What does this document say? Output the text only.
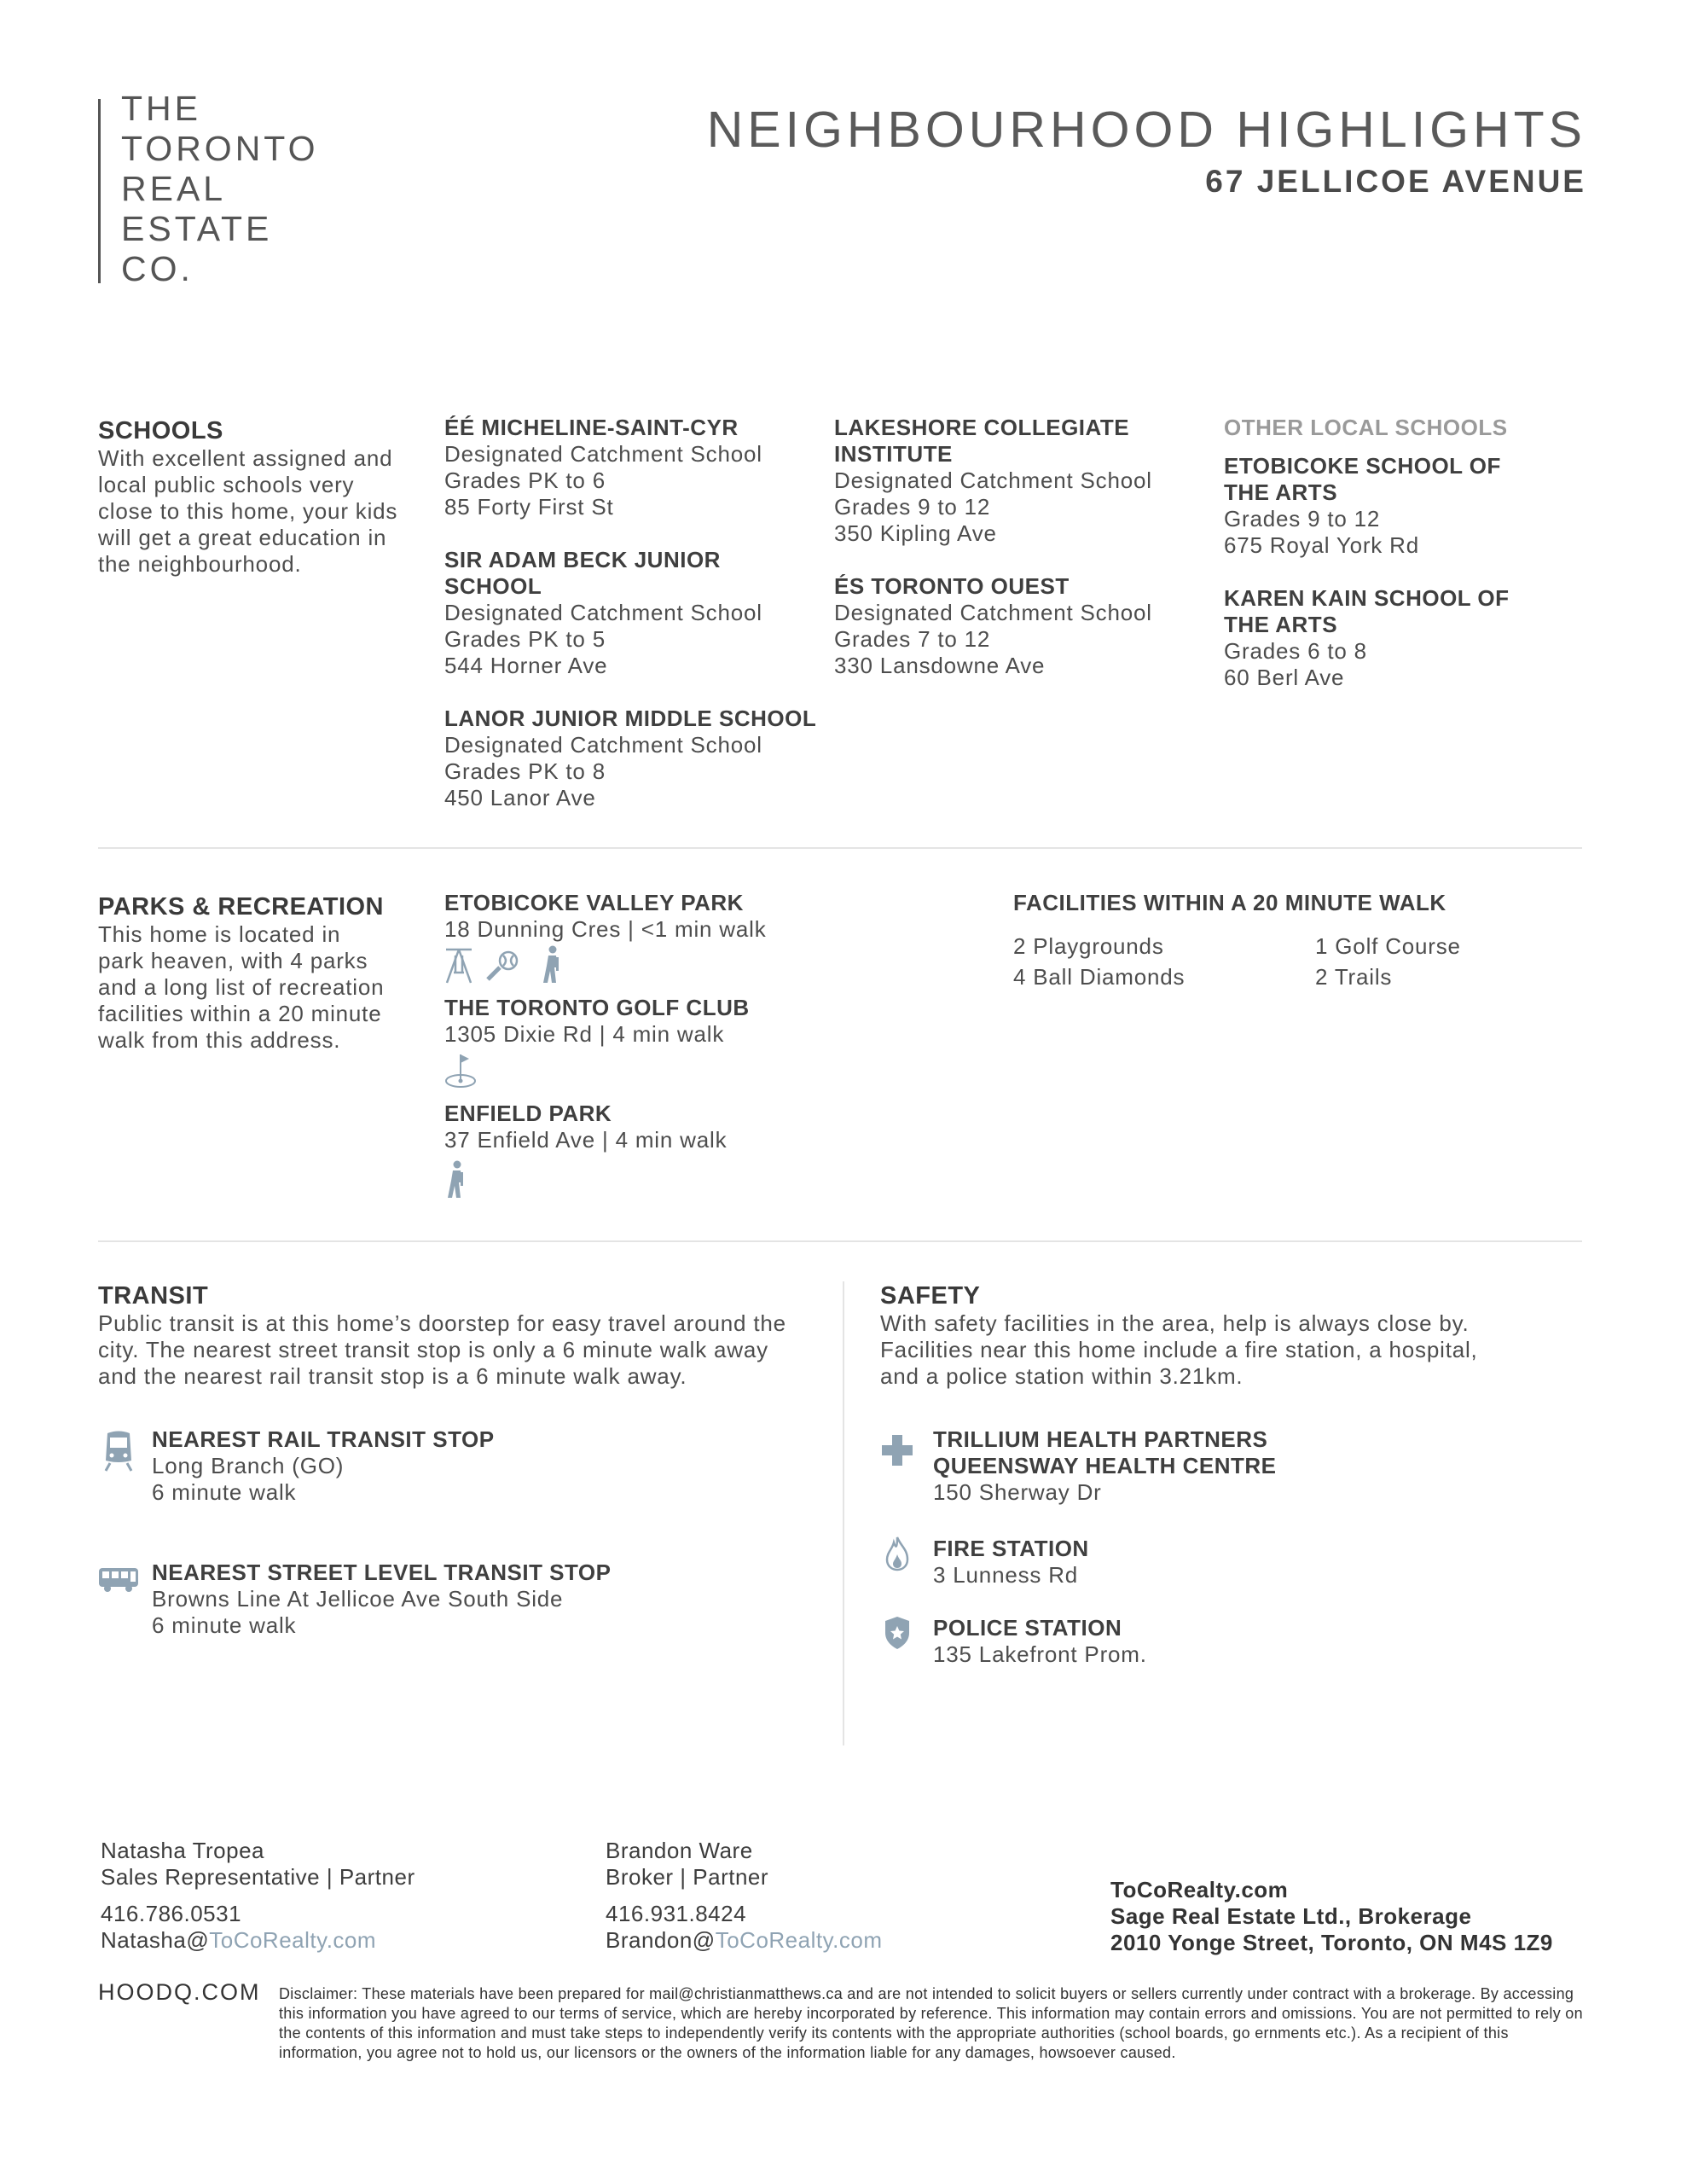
THE
TORONTO
REAL
ESTATE
CO.
NEIGHBOURHOOD HIGHLIGHTS
67 JELLICOE AVENUE
SCHOOLS
With excellent assigned and
local public schools very
close to this home, your kids
will get a great education in
the neighbourhood.
ÉÉ MICHELINE-SAINT-CYR
Designated Catchment School
Grades PK to 6
85 Forty First St
SIR ADAM BECK JUNIOR SCHOOL
Designated Catchment School
Grades PK to 5
544 Horner Ave
LANOR JUNIOR MIDDLE SCHOOL
Designated Catchment School
Grades PK to 8
450 Lanor Ave
LAKESHORE COLLEGIATE
INSTITUTE
Designated Catchment School
Grades 9 to 12
350 Kipling Ave
ÉS TORONTO OUEST
Designated Catchment School
Grades 7 to 12
330 Lansdowne Ave
OTHER LOCAL SCHOOLS
ETOBICOKE SCHOOL OF
THE ARTS
Grades 9 to 12
675 Royal York Rd
KAREN KAIN SCHOOL OF
THE ARTS
Grades 6 to 8
60 Berl Ave
PARKS & RECREATION
This home is located in
park heaven, with 4 parks
and a long list of recreation
facilities within a 20 minute
walk from this address.
ETOBICOKE VALLEY PARK
18 Dunning Cres | <1 min walk
THE TORONTO GOLF CLUB
1305 Dixie Rd | 4 min walk
ENFIELD PARK
37 Enfield Ave | 4 min walk
FACILITIES WITHIN A 20 MINUTE WALK
2 Playgrounds	1 Golf Course
4 Ball Diamonds	2 Trails
TRANSIT
Public transit is at this home’s doorstep for easy travel around the
city. The nearest street transit stop is only a 6 minute walk away
and the nearest rail transit stop is a 6 minute walk away.
NEAREST RAIL TRANSIT STOP
Long Branch (GO)
6 minute walk
NEAREST STREET LEVEL TRANSIT STOP
Browns Line At Jellicoe Ave South Side
6 minute walk
SAFETY
With safety facilities in the area, help is always close by.
Facilities near this home include a fire station, a hospital,
and a police station within 3.21km.
TRILLIUM HEALTH PARTNERS
QUEENSWAY HEALTH CENTRE
150 Sherway Dr
FIRE STATION
3 Lunness Rd
POLICE STATION
135 Lakefront Prom.
Natasha Tropea
Sales Representative | Partner
416.786.0531
Natasha@ToCoRealty.com
Brandon Ware
Broker | Partner
416.931.8424
Brandon@ToCoRealty.com
ToCoRealty.com
Sage Real Estate Ltd., Brokerage
2010 Yonge Street, Toronto, ON M4S 1Z9
HOODQ.COM Disclaimer: These materials have been prepared for mail@christianmatthews.ca and are not intended to solicit buyers or sellers currently under contract with a brokerage. By accessing this information you have agreed to our terms of service, which are hereby incorporated by reference. This information may contain errors and omissions. You are not permitted to rely on the contents of this information and must take steps to independently verify its contents with the appropriate authorities (school boards, go ernments etc.). As a recipient of this information, you agree not to hold us, our licensors or the owners of the information liable for any damages, howsoever caused.
